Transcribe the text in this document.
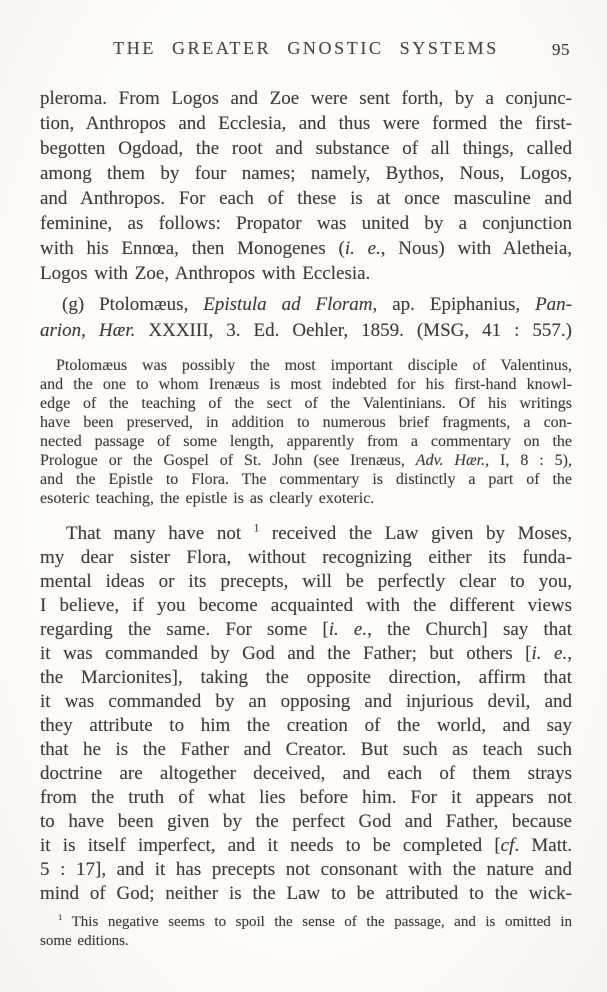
THE GREATER GNOSTIC SYSTEMS	95
pleroma. From Logos and Zoe were sent forth, by a conjunc-
tion, Anthropos and Ecclesia, and thus were formed the first-
begotten Ogdoad, the root and substance of all things, called
among them by four names; namely, Bythos, Nous, Logos,
and Anthropos. For each of these is at once masculine and
feminine, as follows: Propator was united by a conjunction
with his Ennœa, then Monogenes (i. e., Nous) with Aletheia,
Logos with Zoe, Anthropos with Ecclesia.
(g) Ptolomæus, Epistula ad Floram, ap. Epiphanius, Pan-
arion, Hær. XXXIII, 3. Ed. Oehler, 1859. (MSG, 41 : 557.)
Ptolomæus was possibly the most important disciple of Valentinus,
and the one to whom Irenæus is most indebted for his first-hand knowl-
edge of the teaching of the sect of the Valentinians. Of his writings
have been preserved, in addition to numerous brief fragments, a con-
nected passage of some length, apparently from a commentary on the
Prologue or the Gospel of St. John (see Irenæus, Adv. Hær., I, 8 : 5),
and the Epistle to Flora. The commentary is distinctly a part of the
esoteric teaching, the epistle is as clearly exoteric.
That many have not $^1$ received the Law given by Moses,
my dear sister Flora, without recognizing either its funda-
mental ideas or its precepts, will be perfectly clear to you,
I believe, if you become acquainted with the different views
regarding the same. For some [i. e., the Church] say that
it was commanded by God and the Father; but others [i. e.,
the Marcionites], taking the opposite direction, affirm that
it was commanded by an opposing and injurious devil, and
they attribute to him the creation of the world, and say
that he is the Father and Creator. But such as teach such
doctrine are altogether deceived, and each of them strays
from the truth of what lies before him. For it appears not
to have been given by the perfect God and Father, because
it is itself imperfect, and it needs to be completed [cf. Matt.
5 : 17], and it has precepts not consonant with the nature and
mind of God; neither is the Law to be attributed to the wick-
$^1$ This negative seems to spoil the sense of the passage, and is omitted in
some editions.
